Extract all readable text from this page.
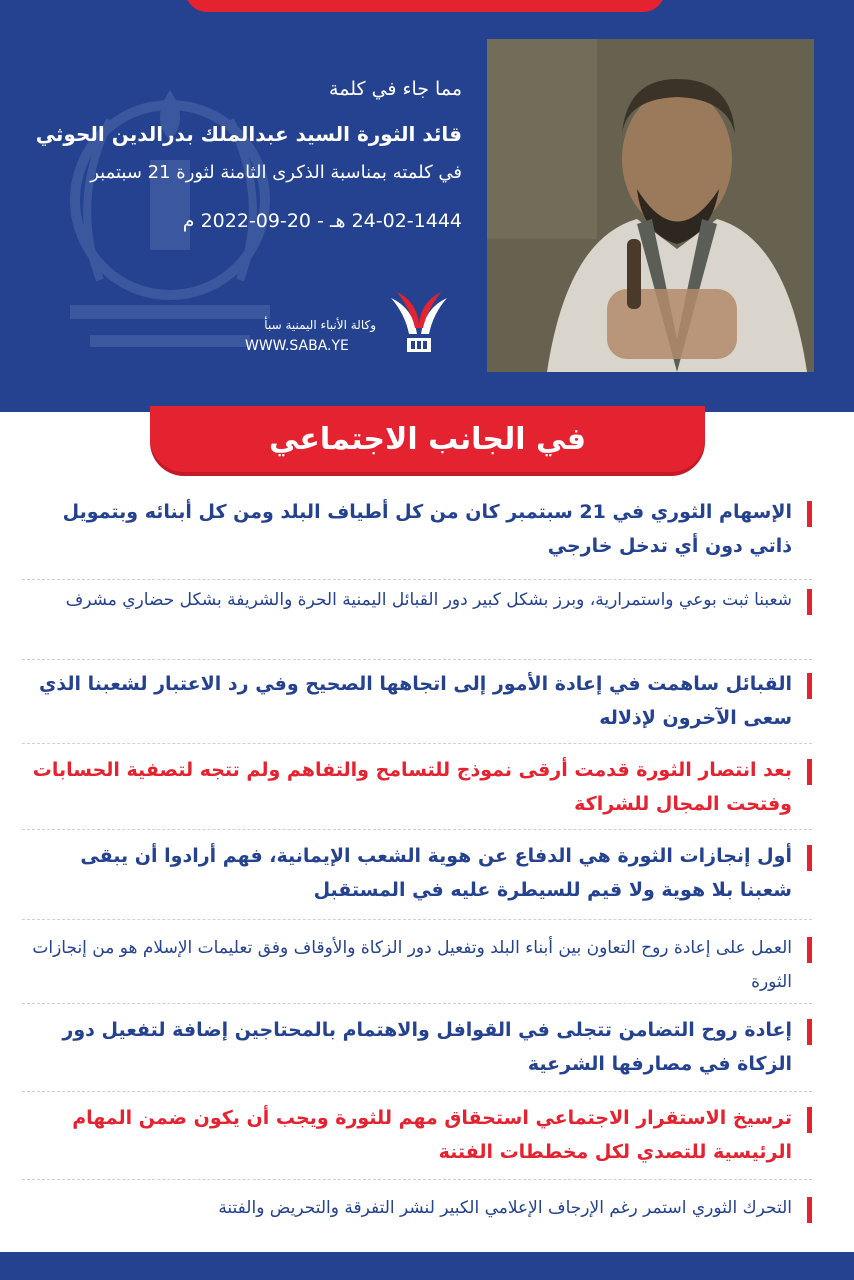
مما جاء في كلمة
قائد الثورة السيد عبدالملك بدرالدين الحوثي
في كلمته بمناسبة الذكرى الثامنة لثورة 21 سبتمبر
24-02-1444 هـ - 20-09-2022 م
وكالة الأنباء اليمنية سبأ
WWW.SABA.YE
في الجانب الاجتماعي
الإسهام الثوري في 21 سبتمبر كان من كل أطياف البلد ومن كل أبنائه وبتمويل ذاتي دون أي تدخل خارجي
شعبنا ثبت بوعي واستمرارية، وبرز بشكل كبير دور القبائل اليمنية الحرة والشريفة بشكل حضاري مشرف
القبائل ساهمت في إعادة الأمور إلى اتجاهها الصحيح وفي رد الاعتبار لشعبنا الذي سعى الآخرون لإذلاله
بعد انتصار الثورة قدمت أرقى نموذج للتسامح والتفاهم ولم تتجه لتصفية الحسابات وفتحت المجال للشراكة
أول إنجازات الثورة هي الدفاع عن هوية الشعب الإيمانية، فهم أرادوا أن يبقى شعبنا بلا هوية ولا قيم للسيطرة عليه في المستقبل
العمل على إعادة روح التعاون بين أبناء البلد وتفعيل دور الزكاة والأوقاف وفق تعليمات الإسلام هو من إنجازات الثورة
إعادة روح التضامن تتجلى في القوافل والاهتمام بالمحتاجين إضافة لتفعيل دور الزكاة في مصارفها الشرعية
ترسيخ الاستقرار الاجتماعي استحقاق مهم للثورة ويجب أن يكون ضمن المهام الرئيسية للتصدي لكل مخططات الفتنة
التحرك الثوري استمر رغم الإرجاف الإعلامي الكبير لنشر التفرقة والتحريض والفتنة
